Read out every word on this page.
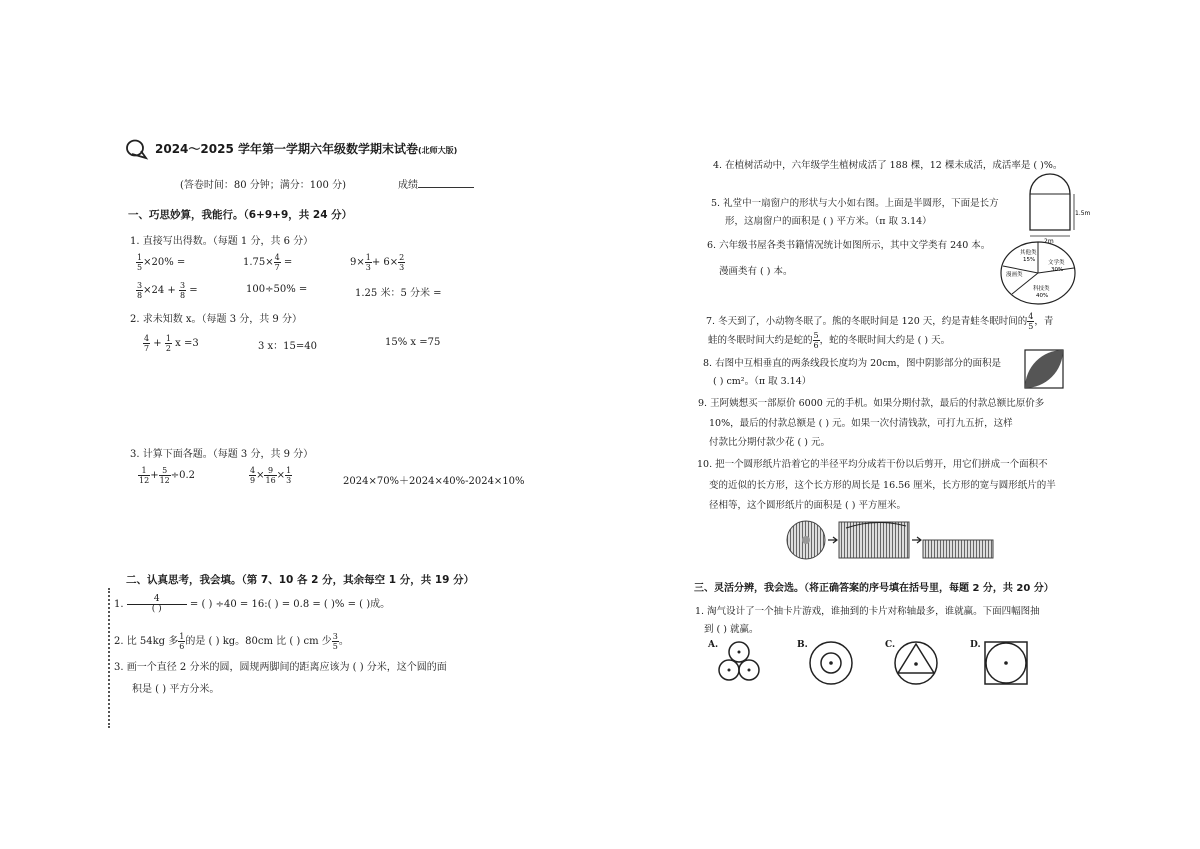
2024～2025 学年第一学期六年级数学期末试卷(北师大版)
(答卷时间：80 分钟；满分：100 分)	成绩
一、巧思妙算，我能行。（6+9+9，共 24 分）
1. 直接写出得数。（每题 1 分，共 6 分）
$\frac{1}{5} \times 20\%$ =	$1.75\times \frac{4}{7}$ =	$9\times \frac{1}{3} + 6\times \frac{2}{3}$
$\frac{3}{8} \times 24 + \frac{3}{8}$ =	100÷50% =	1.25 米：5 分米 =
2. 求未知数 x。（每题 3 分，共 9 分）
$\frac{4}{7} + \frac{1}{2}$ x =3	3 x：15=40	15% x =75
3. 计算下面各题。（每题 3 分，共 9 分）
$\frac{1}{12} + \frac{5}{12} \div 0.2$	$\frac{4}{9} \times \frac{9}{16} \times \frac{1}{3}$	2024×70%＋2024×40%-2024×10%
二、认真思考，我会填。（第 7、10 各 2 分，其余每空 1 分，共 19 分）
1. $\frac{4}{( )}$ = ( ) ÷40 = 16:( ) = 0.8 = ( )% = ( )成。
2. 比 54kg 多 $\frac{1}{6}$ 的是 ( ) kg。80cm 比 ( ) cm 少 $\frac{3}{5}$ 。
3. 画一个直径 2 分米的圆，圆规两脚间的距离应该为 ( ) 分米，这个圆的面
积是 ( ) 平方分米。
4. 在植树活动中，六年级学生植树成活了 188 棵，12 棵未成活，成活率是 ( )%。
5. 礼堂中一扇窗户的形状与大小如右图。上面是半圆形，下面是长方
形，这扇窗户的面积是 ( ) 平方米。（π 取 3.14）
2m
1.5m
6. 六年级书屋各类书籍情况统计如图所示，其中文学类有 240 本。
漫画类有 ( ) 本。
其他类
15% 文学类
30%
科技类
40%
漫画类
7. 冬天到了，小动物冬眠了。熊的冬眠时间是 120 天，约是青蛙冬眠时间的 $\frac{4}{5}$ ，青
蛙的冬眠时间大约是蛇的 $\frac{5}{6}$ ，蛇的冬眠时间大约是 ( ) 天。
8. 右图中互相垂直的两条线段长度均为 20cm，图中阴影部分的面积是
( ) cm²。（π 取 3.14）
9. 王阿姨想买一部原价 6000 元的手机。如果分期付款，最后的付款总额比原价多
10%，最后的付款总额是 ( ) 元。如果一次付清钱款，可打九五折，这样
付款比分期付款少花 ( ) 元。
10. 把一个圆形纸片沿着它的半径平均分成若干份以后剪开，用它们拼成一个面积不
变的近似的长方形，这个长方形的周长是 16.56 厘米，长方形的宽与圆形纸片的半
径相等，这个圆形纸片的面积是 ( ) 平方厘米。
三、灵活分辨，我会选。（将正确答案的序号填在括号里，每题 2 分，共 20 分）
1. 淘气设计了一个抽卡片游戏，谁抽到的卡片对称轴最多，谁就赢。下面四幅图抽
到 ( ) 就赢。
A.	B.	C.	D.
